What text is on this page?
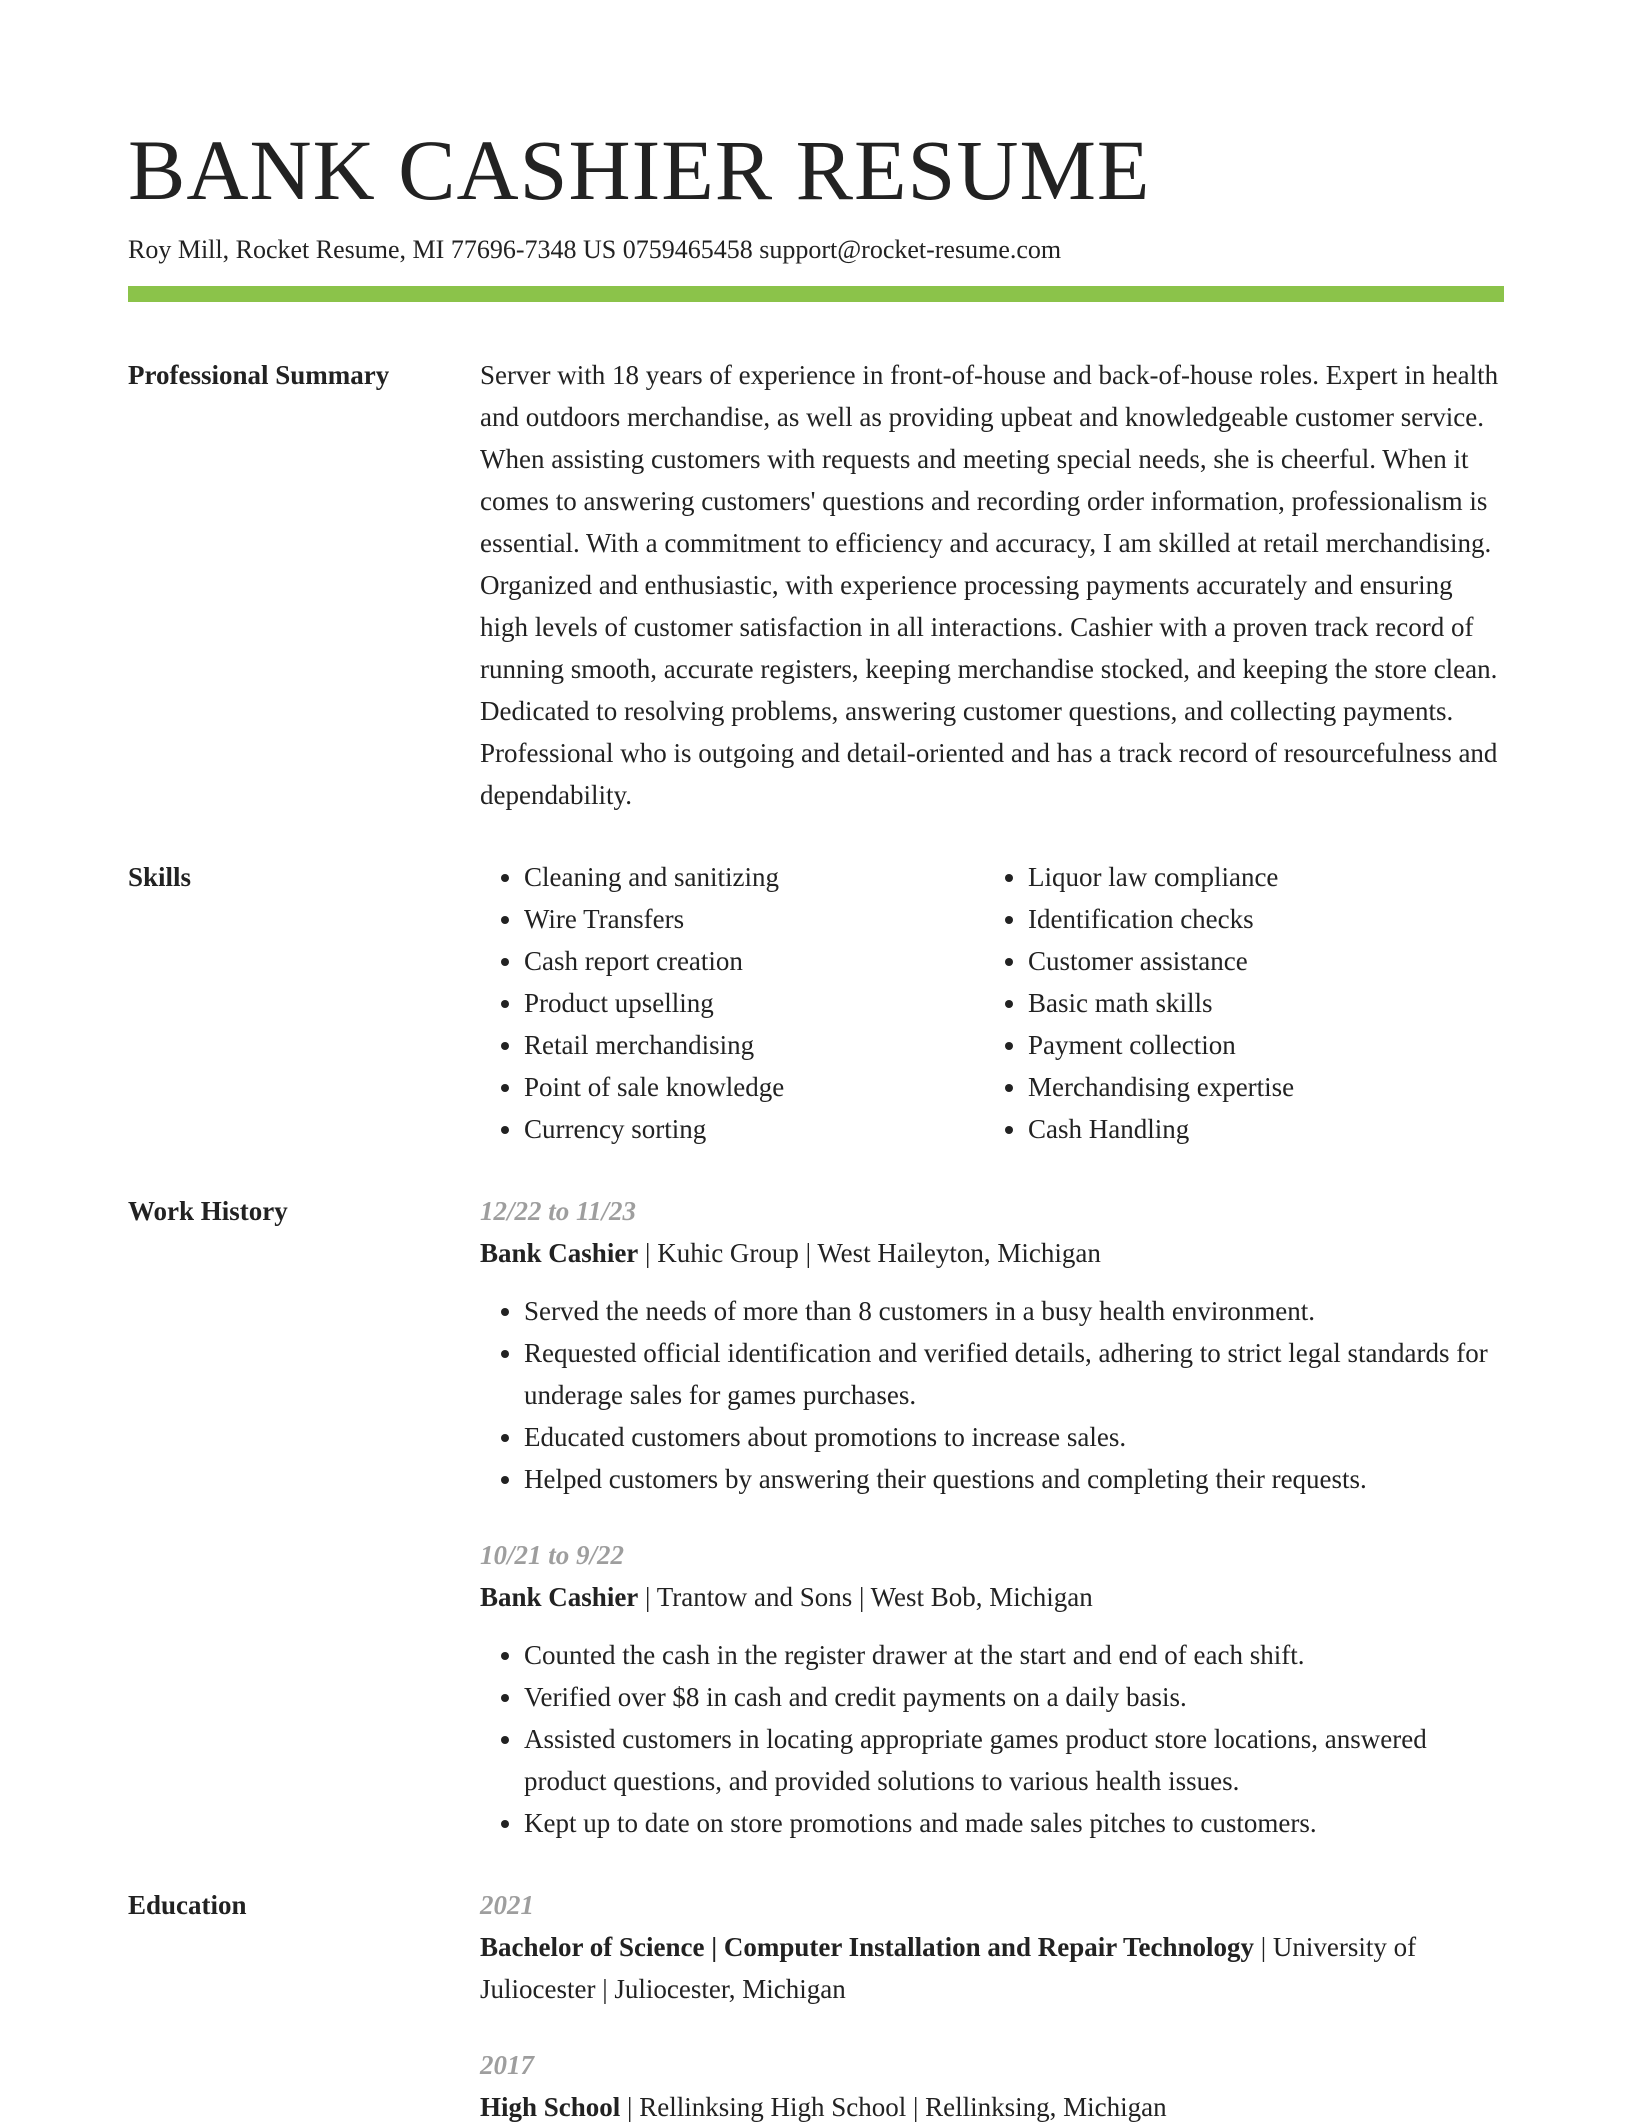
BANK CASHIER RESUME
Roy Mill, Rocket Resume, MI 77696-7348 US 0759465458 support@rocket-resume.com
Professional Summary	Server with 18 years of experience in front-of-house and back-of-house roles. Expert in health and outdoors merchandise, as well as providing upbeat and knowledgeable customer service. When assisting customers with requests and meeting special needs, she is cheerful. When it comes to answering customers' questions and recording order information, professionalism is essential. With a commitment to efficiency and accuracy, I am skilled at retail merchandising. Organized and enthusiastic, with experience processing payments accurately and ensuring high levels of customer satisfaction in all interactions. Cashier with a proven track record of running smooth, accurate registers, keeping merchandise stocked, and keeping the store clean. Dedicated to resolving problems, answering customer questions, and collecting payments. Professional who is outgoing and detail-oriented and has a track record of resourcefulness and dependability.

Skills
•	Cleaning and sanitizing
• Wire Transfers
• Cash report creation
• Product upselling
• Retail merchandising
• Point of sale knowledge
• Currency sorting
• Liquor law compliance
• Identification checks
• Customer assistance
• Basic math skills
• Payment collection
• Merchandising expertise
• Cash Handling
Work History	12/22 to 11/23
Bank Cashier | Kuhic Group | West Haileyton, Michigan
• Served the needs of more than 8 customers in a busy health environment.
• Requested official identification and verified details, adhering to strict legal standards for underage sales for games purchases.
• Educated customers about promotions to increase sales.
• Helped customers by answering their questions and completing their requests.
10/21 to 9/22
Bank Cashier | Trantow and Sons | West Bob, Michigan
• Counted the cash in the register drawer at the start and end of each shift.
• Verified over $8 in cash and credit payments on a daily basis.
• Assisted customers in locating appropriate games product store locations, answered product questions, and provided solutions to various health issues.
• Kept up to date on store promotions and made sales pitches to customers.
Education	2021
Bachelor of Science | Computer Installation and Repair Technology | University of Juliocester | Juliocester, Michigan
2017
High School | Rellinksing High School | Rellinksing, Michigan
